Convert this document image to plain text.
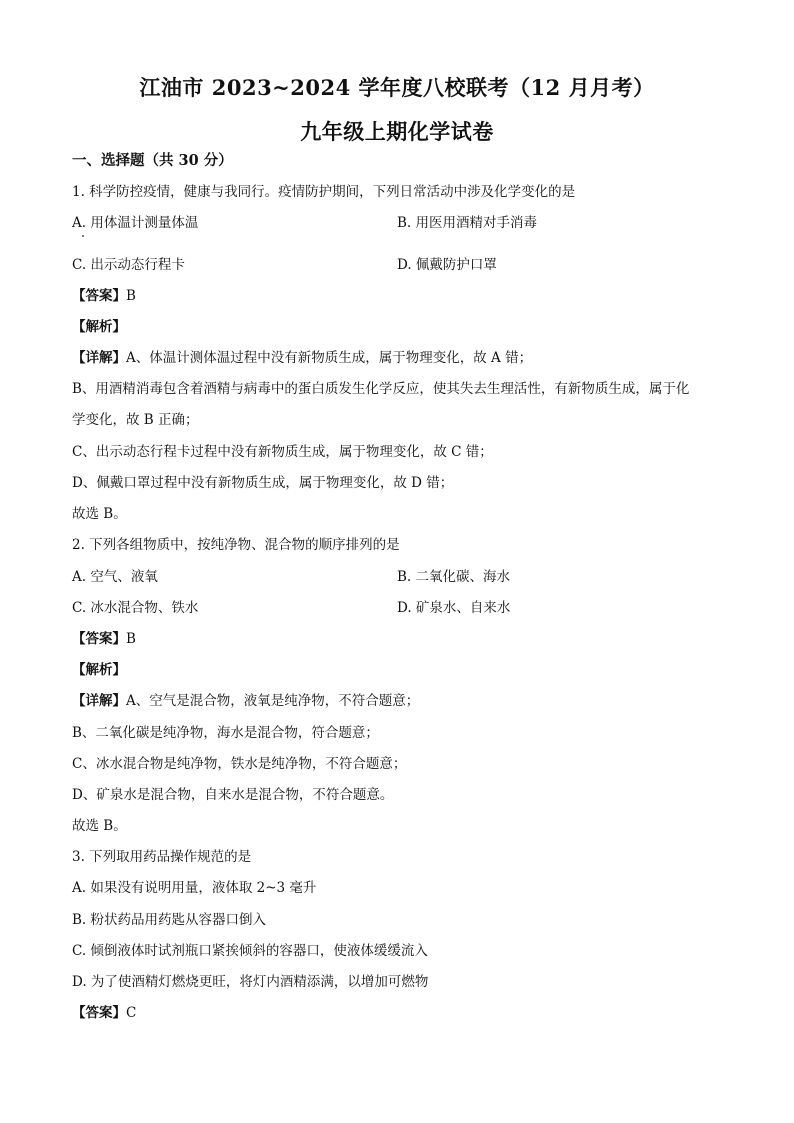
江油市 2023~2024 学年度八校联考（12 月月考）
九年级上期化学试卷
一、选择题（共 30 分）
1. 科学防控疫情，健康与我同行。疫情防护期间，下列日常活动中涉及化学变化的是
A. 用体温计测量体温	B. 用医用酒精对手消毒
C. 出示动态行程卡	D. 佩戴防护口罩
【答案】B
【解析】
【详解】A、体温计测体温过程中没有新物质生成，属于物理变化，故 A 错；
B、用酒精消毒包含着酒精与病毒中的蛋白质发生化学反应，使其失去生理活性，有新物质生成，属于化
学变化，故 B 正确；
C、出示动态行程卡过程中没有新物质生成，属于物理变化，故 C 错；
D、佩戴口罩过程中没有新物质生成，属于物理变化，故 D 错；
故选 B。
2. 下列各组物质中，按纯净物、混合物的顺序排列的是
A. 空气、液氧	B. 二氧化碳、海水
C. 冰水混合物、铁水	D. 矿泉水、自来水
【答案】B
【解析】
【详解】A、空气是混合物，液氧是纯净物，不符合题意；
B、二氧化碳是纯净物，海水是混合物，符合题意；
C、冰水混合物是纯净物，铁水是纯净物，不符合题意；
D、矿泉水是混合物，自来水是混合物，不符合题意。
故选 B。
3. 下列取用药品操作规范的是
A. 如果没有说明用量，液体取 2~3 毫升
B. 粉状药品用药匙从容器口倒入
C. 倾倒液体时试剂瓶口紧挨倾斜的容器口，使液体缓缓流入
D. 为了使酒精灯燃烧更旺，将灯内酒精添满，以增加可燃物
【答案】C
